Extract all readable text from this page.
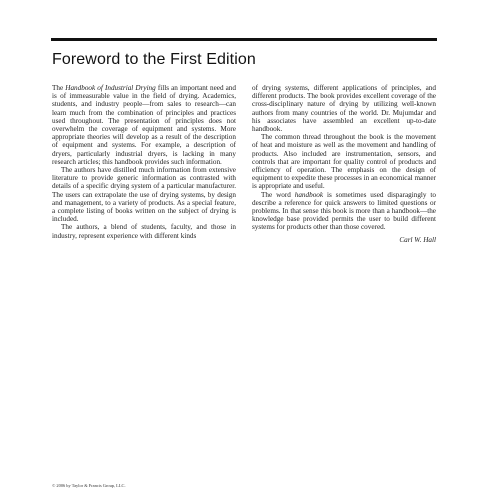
Foreword to the First Edition

The Handbook of Industrial Drying fills an important need and is of immeasurable value in the field of drying. Academics, students, and industry people—from sales to research—can learn much from the combination of principles and practices used throughout. The presentation of principles does not overwhelm the coverage of equipment and systems. More appropriate theories will develop as a result of the description of equipment and systems. For example, a description of dryers, particularly industrial dryers, is lacking in many research articles; this handbook provides such information.

The authors have distilled much information from extensive literature to provide generic information as contrasted with details of a specific drying system of a particular manufacturer. The users can extrapolate the use of drying systems, by design and management, to a variety of products. As a special feature, a complete listing of books written on the subject of drying is included.

The authors, a blend of students, faculty, and those in industry, represent experience with different kinds

of drying systems, different applications of principles, and different products. The book provides excellent coverage of the cross-disciplinary nature of drying by utilizing well-known authors from many countries of the world. Dr. Mujumdar and his associates have assembled an excellent up-to-date handbook.

The common thread throughout the book is the movement of heat and moisture as well as the movement and handling of products. Also included are instrumentation, sensors, and controls that are important for quality control of products and efficiency of operation. The emphasis on the design of equipment to expedite these processes in an economical manner is appropriate and useful.

The word handbook is sometimes used disparagingly to describe a reference for quick answers to limited questions or problems. In that sense this book is more than a handbook—the knowledge base provided permits the user to build different systems for products other than those covered.

Carl W. Hall
© 2006 by Taylor & Francis Group, LLC.
